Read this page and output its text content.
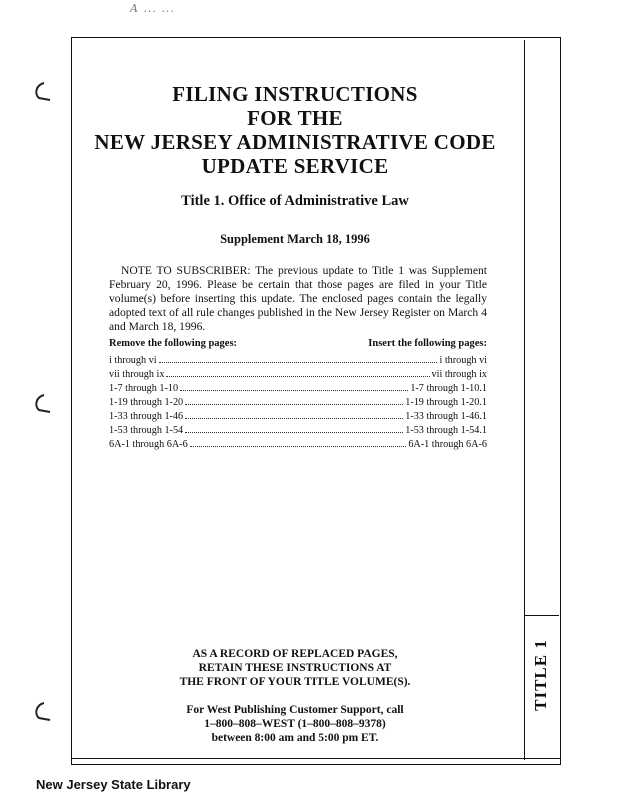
A ... ...
TITLE 1
FILING INSTRUCTIONS
FOR THE
NEW JERSEY ADMINISTRATIVE CODE
UPDATE SERVICE
Title 1. Office of Administrative Law
Supplement March 18, 1996
NOTE TO SUBSCRIBER: The previous update to Title 1 was Supplement February 20, 1996. Please be certain that those pages are filed in your Title volume(s) before inserting this update. The enclosed pages contain the legally adopted text of all rule changes published in the New Jersey Register on March 4 and March 18, 1996.
Remove the following pages:	Insert the following pages:
i through vi	i through vi
vii through ix	vii through ix
1-7 through 1-10	1-7 through 1-10.1
1-19 through 1-20	1-19 through 1-20.1
1-33 through 1-46	1-33 through 1-46.1
1-53 through 1-54	1-53 through 1-54.1
6A-1 through 6A-6	6A-1 through 6A-6
AS A RECORD OF REPLACED PAGES,
RETAIN THESE INSTRUCTIONS AT
THE FRONT OF YOUR TITLE VOLUME(S).
For West Publishing Customer Support, call
1–800–808–WEST (1–800–808–9378)
between 8:00 am and 5:00 pm ET.
New Jersey State Library
